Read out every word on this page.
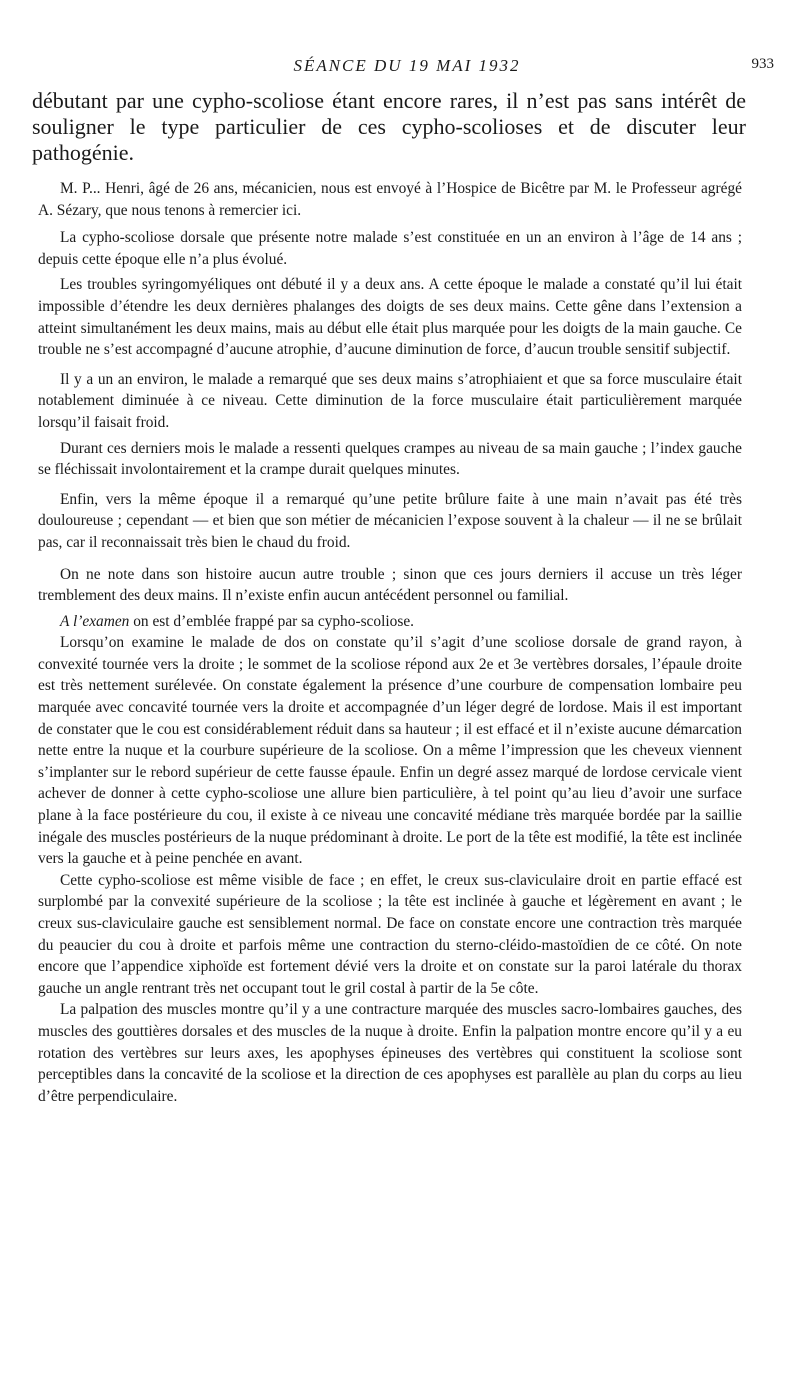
SÉANCE DU 19 MAI 1932	933
débutant par une cypho-scoliose étant encore rares, il n’est pas sans intérêt de souligner le type particulier de ces cypho-scolioses et de discuter leur pathogénie.

M. P... Henri, âgé de 26 ans, mécanicien, nous est envoyé à l’Hospice de Bicêtre par M. le Professeur agrégé A. Sézary, que nous tenons à remercier ici.

La cypho-scoliose dorsale que présente notre malade s’est constituée en un an environ à l’âge de 14 ans ; depuis cette époque elle n’a plus évolué.

Les troubles syringomyéliques ont débuté il y a deux ans. A cette époque le malade a constaté qu’il lui était impossible d’étendre les deux dernières phalanges des doigts de ses deux mains. Cette gêne dans l’extension a atteint simultanément les deux mains, mais au début elle était plus marquée pour les doigts de la main gauche. Ce trouble ne s’est accompagné d’aucune atrophie, d’aucune diminution de force, d’aucun trouble sensitif subjectif.

Il y a un an environ, le malade a remarqué que ses deux mains s’atrophiaient et que sa force musculaire était notablement diminuée à ce niveau. Cette diminution de la force musculaire était particulièrement marquée lorsqu’il faisait froid.

Durant ces derniers mois le malade a ressenti quelques crampes au niveau de sa main gauche ; l’index gauche se fléchissait involontairement et la crampe durait quelques minutes.

Enfin, vers la même époque il a remarqué qu’une petite brûlure faite à une main n’avait pas été très douloureuse ; cependant — et bien que son métier de mécanicien l’expose souvent à la chaleur — il ne se brûlait pas, car il reconnaissait très bien le chaud du froid.

On ne note dans son histoire aucun autre trouble ; sinon que ces jours derniers il accuse un très léger tremblement des deux mains. Il n’existe enfin aucun antécédent personnel ou familial.

A l’examen on est d’emblée frappé par sa cypho-scoliose.

Lorsqu’on examine le malade de dos on constate qu’il s’agit d’une scoliose dorsale de grand rayon, à convexité tournée vers la droite ; le sommet de la scoliose répond aux 2e et 3e vertèbres dorsales, l’épaule droite est très nettement surélevée. On constate également la présence d’une courbure de compensation lombaire peu marquée avec concavité tournée vers la droite et accompagnée d’un léger degré de lordose. Mais il est important de constater que le cou est considérablement réduit dans sa hauteur ; il est effacé et il n’existe aucune démarcation nette entre la nuque et la courbure supérieure de la scoliose. On a même l’impression que les cheveux viennent s’implanter sur le rebord supérieur de cette fausse épaule. Enfin un degré assez marqué de lordose cervicale vient achever de donner à cette cypho-scoliose une allure bien particulière, à tel point qu’au lieu d’avoir une surface plane à la face postérieure du cou, il existe à ce niveau une concavité médiane très marquée bordée par la saillie inégale des muscles postérieurs de la nuque prédominant à droite. Le port de la tête est modifié, la tête est inclinée vers la gauche et à peine penchée en avant.

Cette cypho-scoliose est même visible de face ; en effet, le creux sus-claviculaire droit en partie effacé est surplombé par la convexité supérieure de la scoliose ; la tête est inclinée à gauche et légèrement en avant ; le creux sus-claviculaire gauche est sensiblement normal. De face on constate encore une contraction très marquée du peaucier du cou à droite et parfois même une contraction du sterno-cléido-mastoïdien de ce côté. On note encore que l’appendice xiphoïde est fortement dévié vers la droite et on constate sur la paroi latérale du thorax gauche un angle rentrant très net occupant tout le gril costal à partir de la 5e côte.

La palpation des muscles montre qu’il y a une contracture marquée des muscles sacro-lombaires gauches, des muscles des gouttières dorsales et des muscles de la nuque à droite. Enfin la palpation montre encore qu’il y a eu rotation des vertèbres sur leurs axes, les apophyses épineuses des vertèbres qui constituent la scoliose sont perceptibles dans la concavité de la scoliose et la direction de ces apophyses est parallèle au plan du corps au lieu d’être perpendiculaire.
